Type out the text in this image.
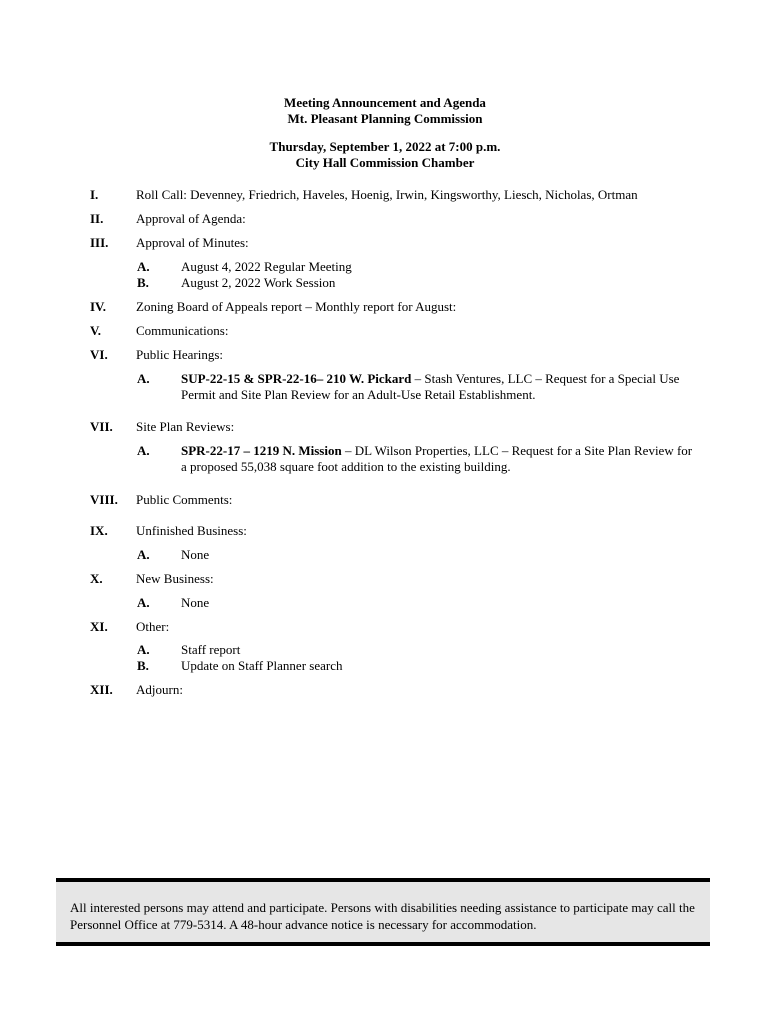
Meeting Announcement and Agenda
Mt. Pleasant Planning Commission
Thursday, September 1, 2022 at 7:00 p.m.
City Hall Commission Chamber
I.	Roll Call: Devenney, Friedrich, Haveles, Hoenig, Irwin, Kingsworthy, Liesch, Nicholas, Ortman
II.	Approval of Agenda:
III. Approval of Minutes:
A. August 4, 2022 Regular Meeting
B. August 2, 2022 Work Session
IV. Zoning Board of Appeals report – Monthly report for August:
V.	Communications:
VI. Public Hearings:
A. SUP-22-15 & SPR-22-16– 210 W. Pickard – Stash Ventures, LLC – Request for a Special Use Permit and Site Plan Review for an Adult-Use Retail Establishment.
VII. Site Plan Reviews:
A. SPR-22-17 – 1219 N. Mission – DL Wilson Properties, LLC – Request for a Site Plan Review for a proposed 55,038 square foot addition to the existing building.
VIII. Public Comments:
IX. Unfinished Business:
A. None
X.	New Business:
A. None
XI. Other:
A. Staff report
B. Update on Staff Planner search
XII. Adjourn:

All interested persons may attend and participate. Persons with disabilities needing assistance to participate may call the Personnel Office at 779-5314. A 48-hour advance notice is necessary for accommodation.
